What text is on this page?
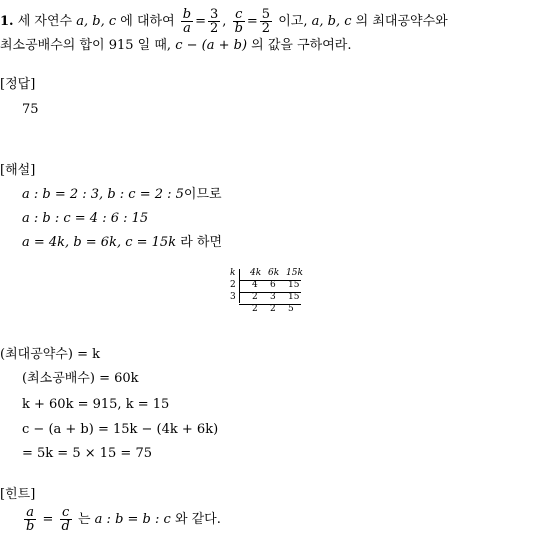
1. 세 자연수 a, b, c 에 대하여 $\frac{b}{a} = \frac{3}{2}$ , $\frac{c}{b} = \frac{5}{2}$ 이고, a, b, c 의 최대공약수와
최소공배수의 합이 915 일 때, c − (a + b) 의 값을 구하여라.
[정답]
75
[해설]
a : b = 2 : 3, b : c = 2 : 5이므로
a : b : c = 4 : 6 : 15
a = 4k, b = 6k, c = 15k 라 하면
k 4k 6k 15k
2 4 6 15
3 2 3 15
2 2 5
(최대공약수) = k
(최소공배수) = 60k
k + 60k = 915, k = 15
c − (a + b) = 15k − (4k + 6k)
= 5k = 5 × 15 = 75
[힌트]
$\frac{a}{b} = \frac{c}{d}$ 는 a : b = b : c 와 같다.
